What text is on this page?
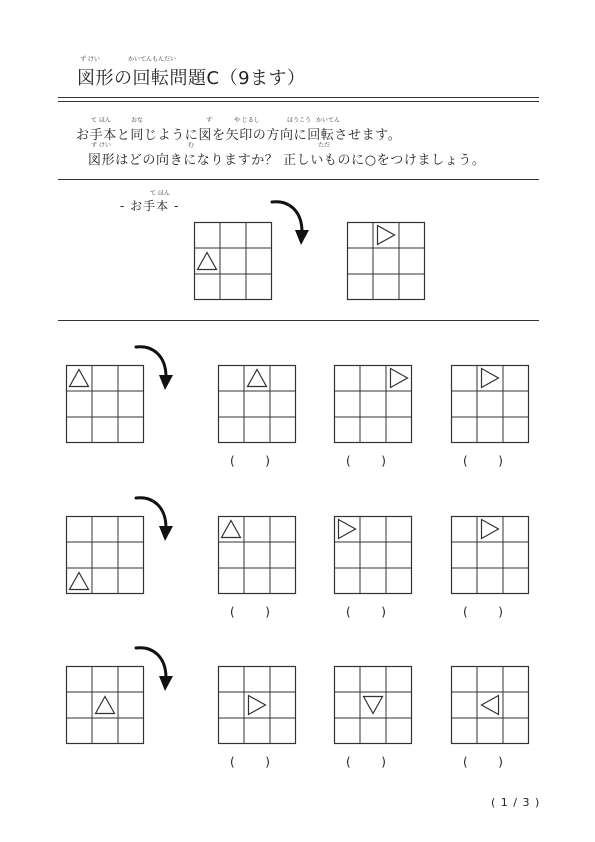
ず けい	かいてんもんだい
図形の回転問題C（9ます）
て ほん	おな	ず	や じるし	ほうこう かいてん
お手本と同じように図を矢印の方向に回転させます。
ず けい	む	ただ
図形はどの向きになりますか？ 正しいものに○をつけましょう。
て ほん
- お手本 -
(        )	(        )	(        )
(        )	(        )	(        )
(        )	(        )	(        )
( 1 / 3 )
